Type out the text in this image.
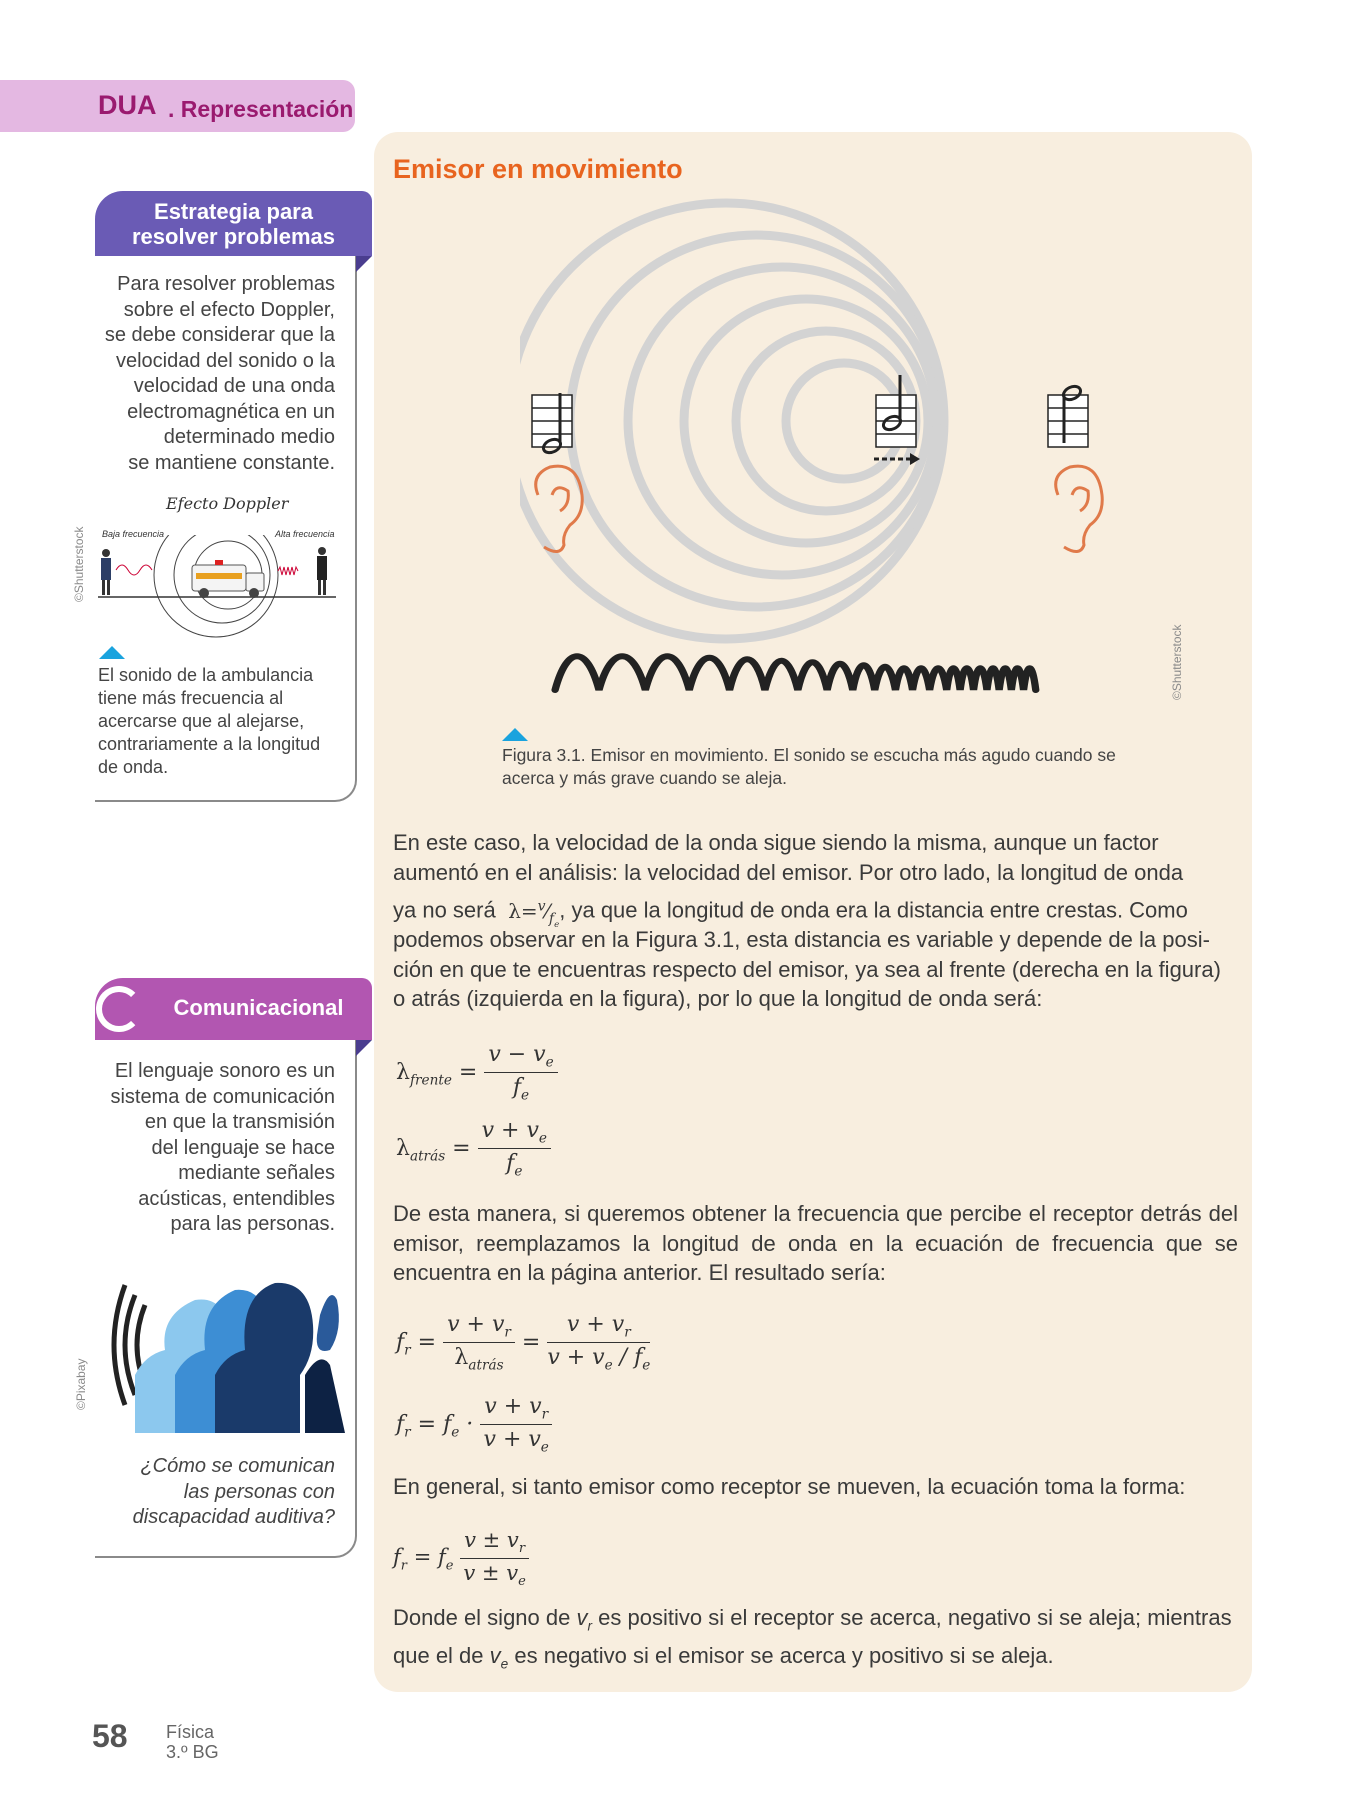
DUA . Representación
Estrategia para
resolver problemas
Para resolver problemas
sobre el efecto Doppler,
se debe considerar que la
velocidad del sonido o la
velocidad de una onda
electromagnética en un
determinado medio
se mantiene constante.
Efecto Doppler
Baja frecuencia	Alta frecuencia
©Shutterstock
El sonido de la ambulancia
tiene más frecuencia al
acercarse que al alejarse,
contrariamente a la longitud
de onda.
Comunicacional
El lenguaje sonoro es un
sistema de comunicación
en que la transmisión
del lenguaje se hace
mediante señales
acústicas, entendibles
para las personas.
©Pixabay
¿Cómo se comunican
las personas con
discapacidad auditiva?
Emisor en movimiento
©Shutterstock
Figura 3.1. Emisor en movimiento. El sonido se escucha más agudo cuando se acerca y más grave cuando se aleja.
En este caso, la velocidad de la onda sigue siendo la misma, aunque un factor
aumentó en el análisis: la velocidad del emisor. Por otro lado, la longitud de onda
ya no será  $\lambda=^v⁄_{f_e}$, ya que la longitud de onda era la distancia entre crestas. Como
podemos observar en la Figura 3.1, esta distancia es variable y depende de la posi-
ción en que te encuentras respecto del emisor, ya sea al frente (derecha en la figura)
o atrás (izquierda en la figura), por lo que la longitud de onda será:
$\lambda_{frente} = \frac{v - v_e}{f_e}$
$\lambda_{atrás} = \frac{v + v_e}{f_e}$
De esta manera, si queremos obtener la frecuencia que percibe el receptor detrás del emisor, reemplazamos la longitud de onda en la ecuación de frecuencia que se encuentra en la página anterior. El resultado sería:
$f_r = \frac{v + v_r}{\lambda_{atrás}} = \frac{v + v_r}{v + v_e / f_e}$
$f_r = f_e \cdot \frac{v + v_r}{v + v_e}$
En general, si tanto emisor como receptor se mueven, la ecuación toma la forma:
$f_r = f_e \frac{v \pm v_r}{v \pm v_e}$
Donde el signo de $v_r$ es positivo si el receptor se acerca, negativo si se aleja; mientras
que el de $v_e$ es negativo si el emisor se acerca y positivo si se aleja.
58 Física
3.º BG
